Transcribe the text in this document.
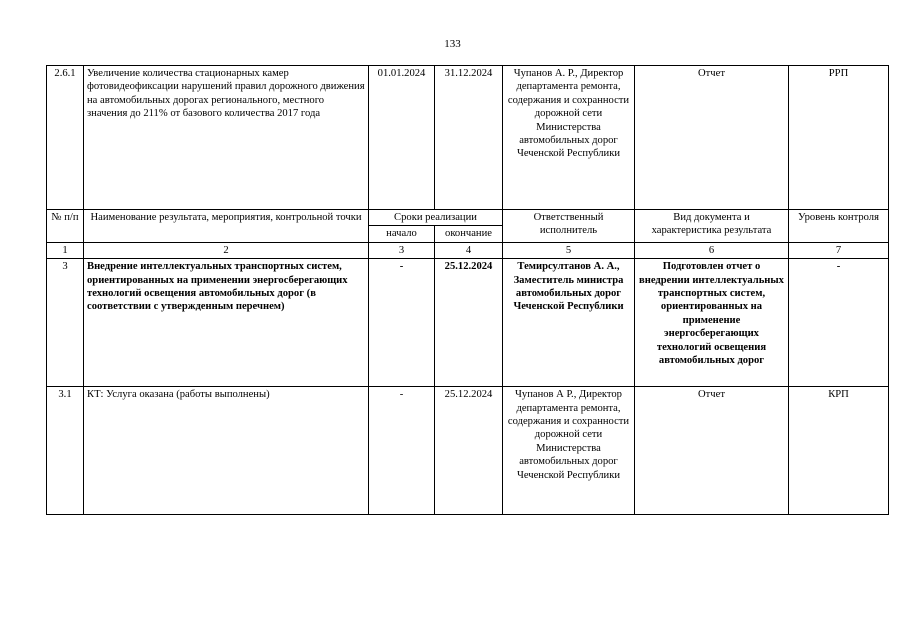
133
2.6.1	Увеличение количества стационарных камер фотовидеофиксации нарушений правил дорожного движения на автомобильных дорогах регионального, местного значения до 211% от базового количества 2017 года	01.01.2024	31.12.2024	Чупанов А. Р., Директор департамента ремонта, содержания и сохранности дорожной сети Министерства автомобильных дорог Чеченской Республики	Отчет	РРП
№ п/п	Наименование результата, мероприятия, контрольной точки	Сроки реализации		Ответственный исполнитель	Вид документа и характеристика результата	Уровень контроля
		начало	окончание			
1	2	3	4	5	6	7
3	Внедрение интеллектуальных транспортных систем, ориентированных на применении энергосберегающих технологий освещения автомобильных дорог (в соответствии с утвержденным перечнем)	-	25.12.2024	Темирсултанов А. А., Заместитель министра автомобильных дорог Чеченской Республики	Подготовлен отчет о внедрении интеллектуальных транспортных систем, ориентированных на применение энергосберегающих технологий освещения автомобильных дорог	-
3.1	КТ: Услуга оказана (работы выполнены)	-	25.12.2024	Чупанов А Р., Директор департамента ремонта, содержания и сохранности дорожной сети Министерства автомобильных дорог Чеченской Республики	Отчет	КРП
